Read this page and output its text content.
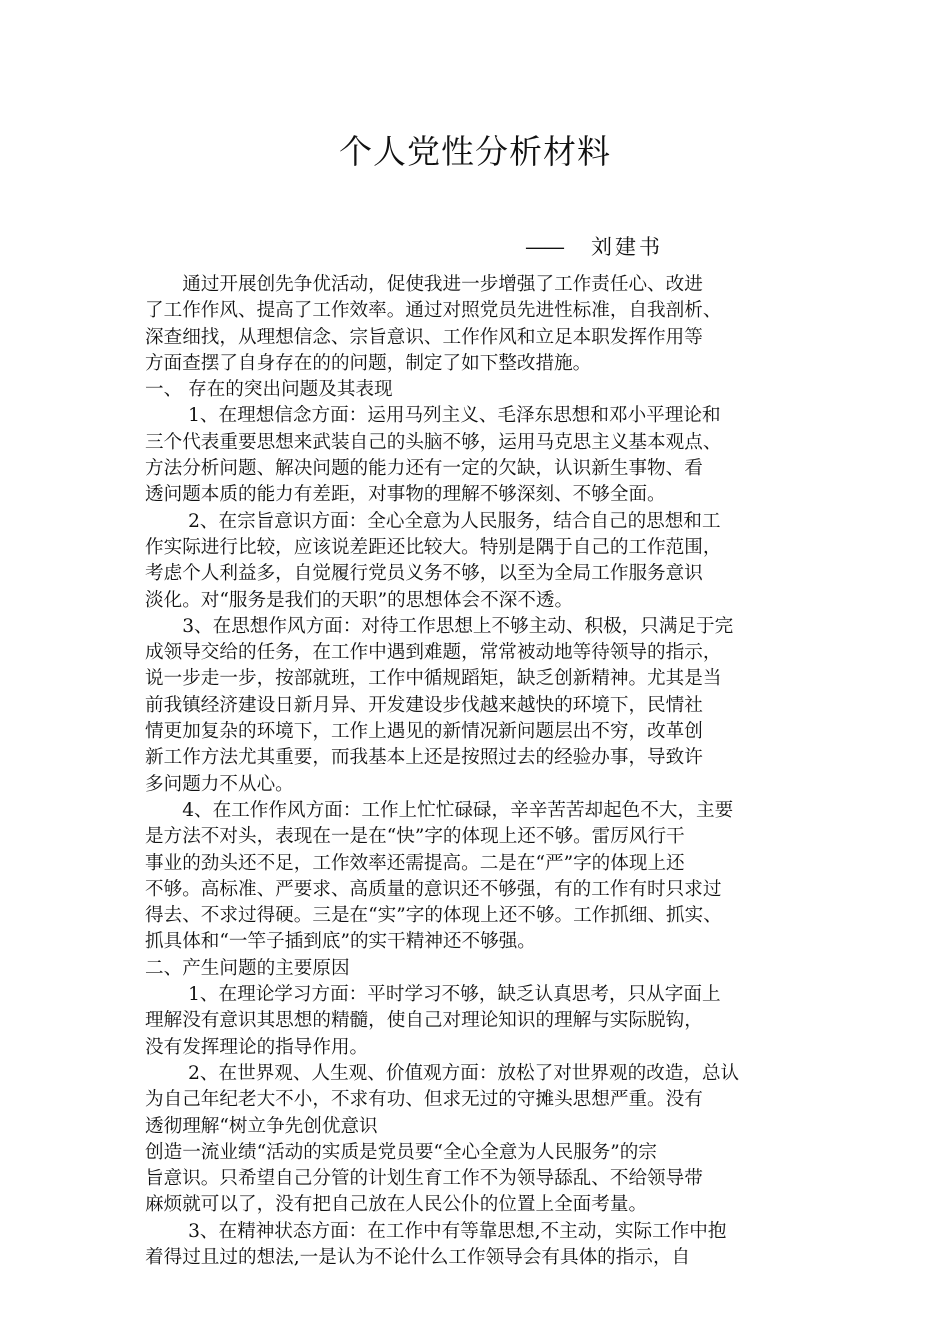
个人党性分析材料
—— 刘建书

　　通过开展创先争优活动，促使我进一步增强了工作责任心、改进

了工作作风、提高了工作效率。通过对照党员先进性标准，自我剖析、

深查细找，从理想信念、宗旨意识、工作作风和立足本职发挥作用等

方面查摆了自身存在的的问题，制定了如下整改措施。

一、 存在的突出问题及其表现

　　 1、在理想信念方面：运用马列主义、毛泽东思想和邓小平理论和

三个代表重要思想来武装自己的头脑不够，运用马克思主义基本观点、

方法分析问题、解决问题的能力还有一定的欠缺，认识新生事物、看

透问题本质的能力有差距，对事物的理解不够深刻、不够全面。

　　 2、在宗旨意识方面：全心全意为人民服务，结合自己的思想和工

作实际进行比较，应该说差距还比较大。特别是隅于自己的工作范围，

考虑个人利益多，自觉履行党员义务不够，以至为全局工作服务意识

淡化。对“服务是我们的天职”的思想体会不深不透。

　　3、在思想作风方面：对待工作思想上不够主动、积极，只满足于完

成领导交给的任务，在工作中遇到难题，常常被动地等待领导的指示，

说一步走一步，按部就班，工作中循规蹈矩，缺乏创新精神。尤其是当

前我镇经济建设日新月异、开发建设步伐越来越快的环境下，民情社

情更加复杂的环境下，工作上遇见的新情况新问题层出不穷，改革创

新工作方法尤其重要，而我基本上还是按照过去的经验办事，导致许

多问题力不从心。

　　4、在工作作风方面：工作上忙忙碌碌，辛辛苦苦却起色不大，主要

是方法不对头，表现在一是在“快”字的体现上还不够。雷厉风行干

事业的劲头还不足，工作效率还需提高。二是在“严”字的体现上还

不够。高标准、严要求、高质量的意识还不够强，有的工作有时只求过

得去、不求过得硬。三是在“实”字的体现上还不够。工作抓细、抓实、

抓具体和“一竿子插到底”的实干精神还不够强。

二、产生问题的主要原因

　　 1、在理论学习方面：平时学习不够，缺乏认真思考，只从字面上

理解没有意识其思想的精髓，使自己对理论知识的理解与实际脱钩，

没有发挥理论的指导作用。

　　 2、在世界观、人生观、价值观方面：放松了对世界观的改造，总认

为自己年纪老大不小，不求有功、但求无过的守摊头思想严重。没有

透彻理解“树立争先创优意识

创造一流业绩“活动的实质是党员要“全心全意为人民服务”的宗

旨意识。只希望自己分管的计划生育工作不为领导舔乱、不给领导带

麻烦就可以了，没有把自己放在人民公仆的位置上全面考量。

　　 3、在精神状态方面：在工作中有等靠思想,不主动，实际工作中抱

着得过且过的想法,一是认为不论什么工作领导会有具体的指示，自
